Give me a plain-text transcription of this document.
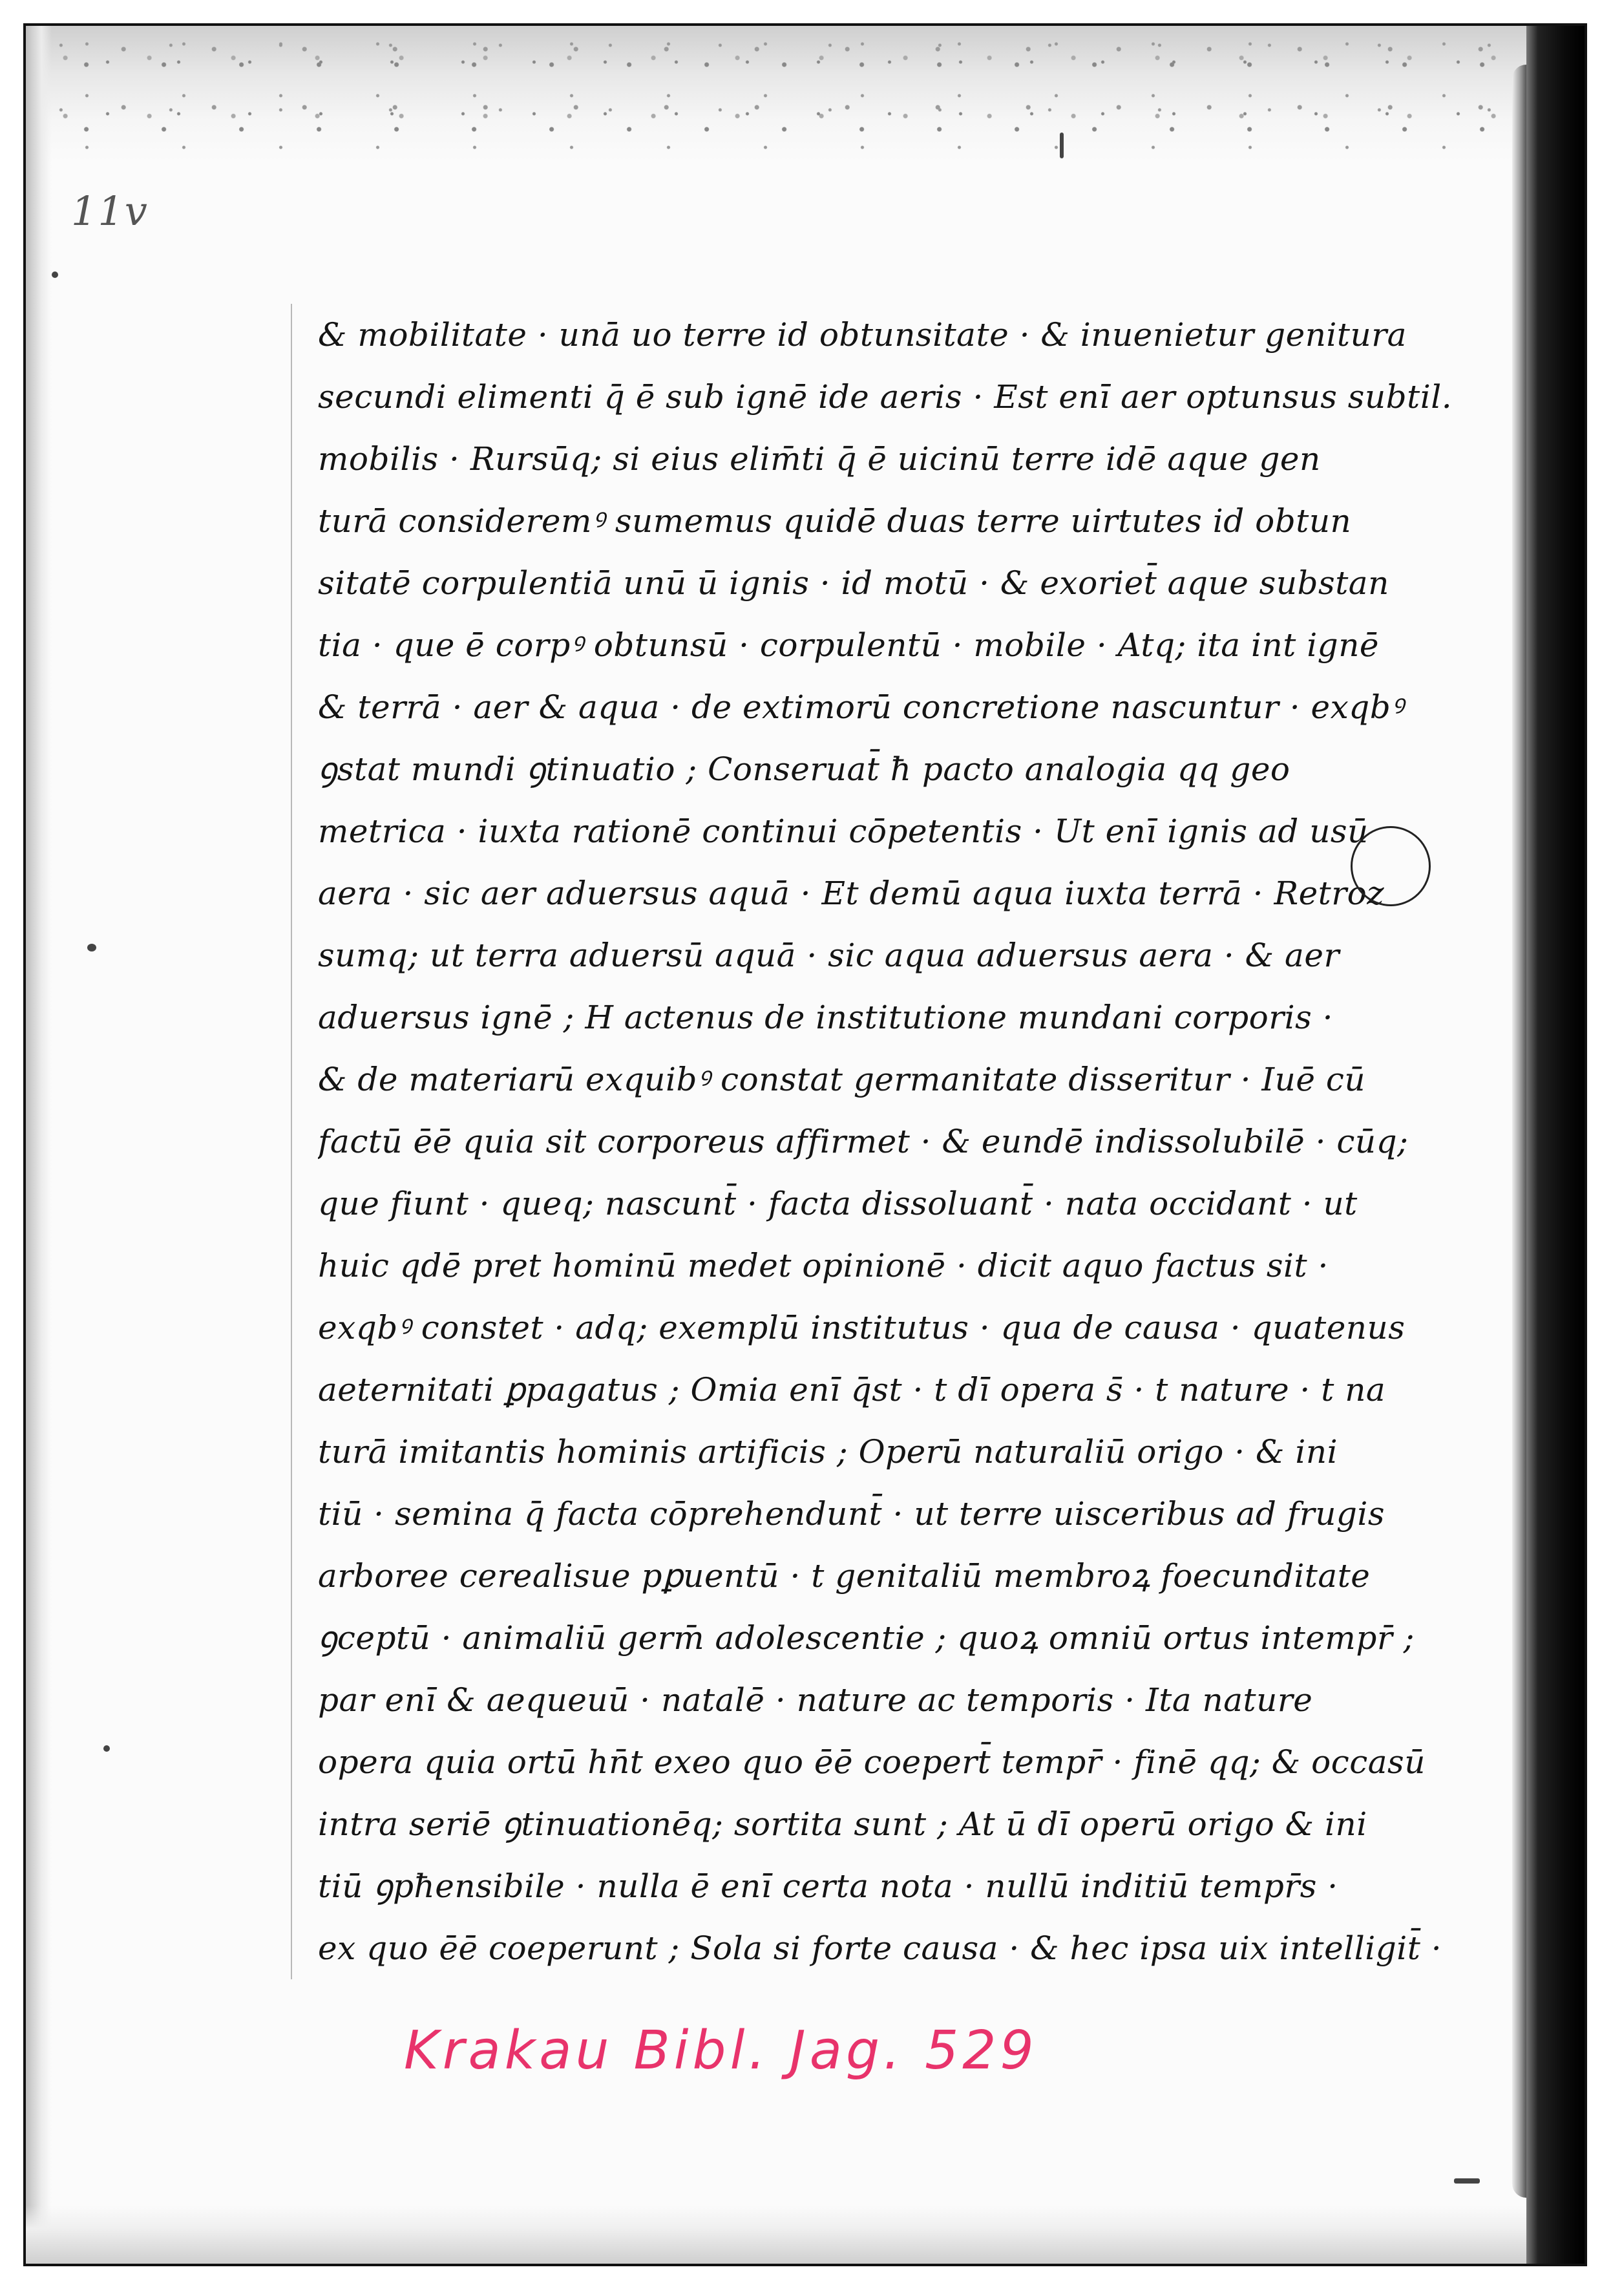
11v
& mobilitate · unā uo terre id obtunsitate · & inuenietur genitura
secundi elimenti q̄ ē sub ignē ide aeris · Est enī aer optunsus subtil.
mobilis · Rursūq; si eius elim̄ti q̄ ē uicinū terre idē aque gen
turā consideremꝰ sumemus quidē duas terre uirtutes id obtun
sitatē corpulentiā unū ū ignis · id motū · & exoriet̄ aque substan
tia · que ē corpꝰ obtunsū · corpulentū · mobile · Atq; ita int ignē
& terrā · aer & aqua · de extimorū concretione nascuntur · exqbꝰ
ꝯstat mundi ꝯtinuatio ; Conseruat̄ ħ pacto analogia qq geo
metrica · iuxta rationē continui cōpetentis · Ut enī ignis ad usū
aera · sic aer aduersus aquā · Et demū aqua iuxta terrā · Retroz
sumq; ut terra aduersū aquā · sic aqua aduersus aera · & aer
aduersus ignē ; H actenus de institutione mundani corporis ·
& de materiarū exquibꝰ constat germanitate disseritur · Iuē cū
factū ēē quia sit corporeus affirmet · & eundē indissolubilē · cūq;
que fiunt · queq; nascunt̄ · facta dissoluant̄ · nata occidant · ut
huic qdē pret hominū medet opinionē · dicit aquo factus sit ·
exqbꝰ constet · adq; exemplū institutus · qua de causa · quatenus
aeternitati ꝑpagatus ; Omia enī q̄st · t dī opera s̄ · t nature · t na
turā imitantis hominis artificis ; Operū naturaliū origo · & ini
tiū · semina q̄ facta cōprehendunt̄ · ut terre uisceribus ad frugis
arboree cerealisue pꝑuentū · t genitaliū membroꝝ foecunditate
ꝯceptū · animaliū germ̄ adolescentie ; quoꝝ omniū ortus intempr̄ ;
par enī & aequeuū · natalē · nature ac temporis · Ita nature
opera quia ortū hn̄t exeo quo ēē coepert̄ tempr̄ · finē qq; & occasū
intra seriē ꝯtinuationēq; sortita sunt ; At ū dī operū origo & ini
tiū ꝯpħensibile · nulla ē enī certa nota · nullū inditiū tempr̄s ·
ex quo ēē coeperunt ; Sola si forte causa · & hec ipsa uix intelligit̄ ·
Krakau Bibl. Jag. 529
